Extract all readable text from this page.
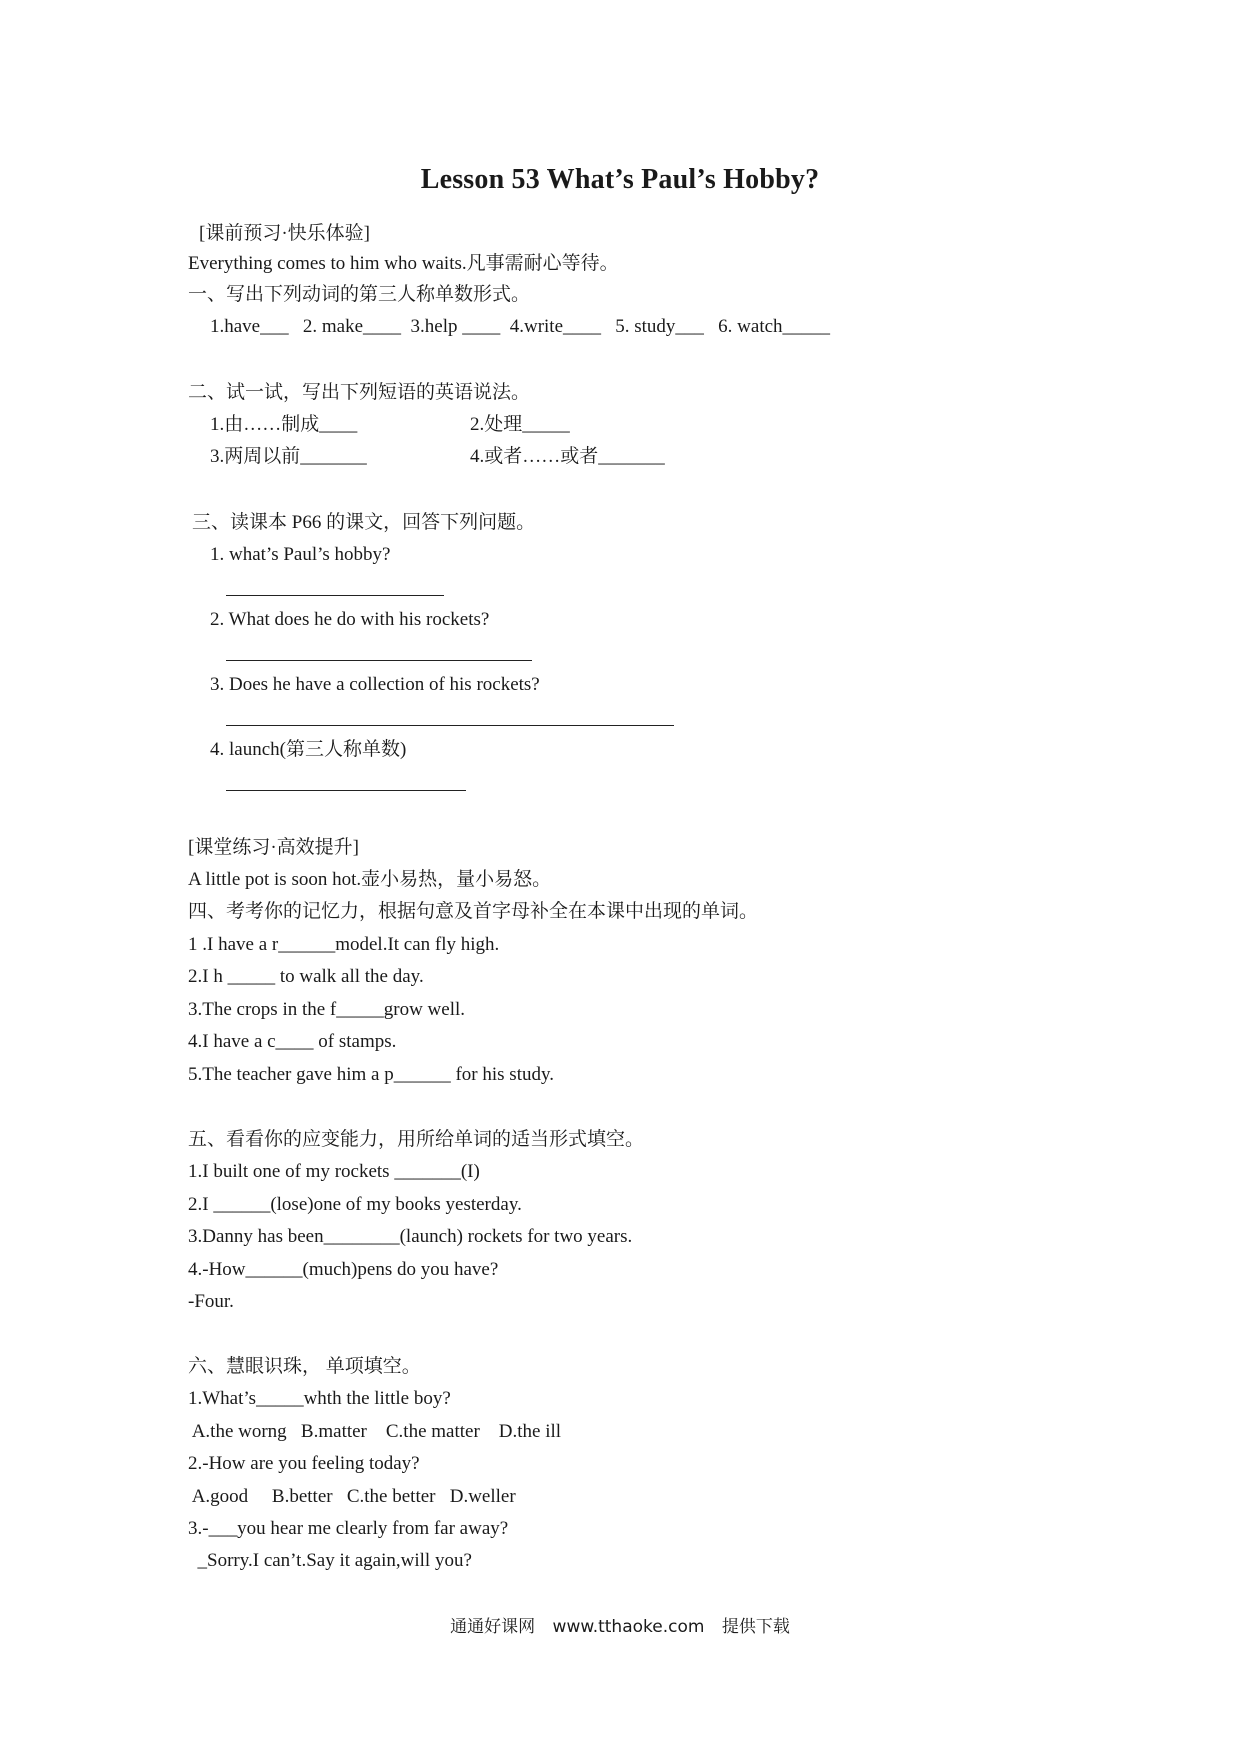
Lesson 53 What’s Paul’s Hobby?
[课前预习·快乐体验]
Everything comes to him who waits.凡事需耐心等待。
一、写出下列动词的第三人称单数形式。
1.have___   2. make____  3.help ____  4.write____   5. study___   6. watch_____
二、试一试，写出下列短语的英语说法。
1.由……制成____	2.处理_____
3.两周以前_______	4.或者……或者_______
三、读课本 P66 的课文，回答下列问题。
1. what’s Paul’s hobby?
2. What does he do with his rockets?
3. Does he have a collection of his rockets?
4. launch(第三人称单数)
[课堂练习·高效提升]
A little pot is soon hot.壶小易热，量小易怒。
四、考考你的记忆力，根据句意及首字母补全在本课中出现的单词。
1 .I have a r______model.It can fly high.
2.I h _____ to walk all the day.
3.The crops in the f_____grow well.
4.I have a c____ of stamps.
5.The teacher gave him a p______ for his study.
五、看看你的应变能力，用所给单词的适当形式填空。
1.I built one of my rockets _______(I)
2.I ______(lose)one of my books yesterday.
3.Danny has been________(launch) rockets for two years.
4.-How______(much)pens do you have?
-Four.
六、慧眼识珠， 单项填空。
1.What’s_____whth the little boy?
A.the worng   B.matter    C.the matter    D.the ill
2.-How are you feeling today?
A.good     B.better   C.the better   D.weller
3.-___you hear me clearly from far away?
_Sorry.I can’t.Say it again,will you?
通通好课网 www.tthaoke.com 提供下载
